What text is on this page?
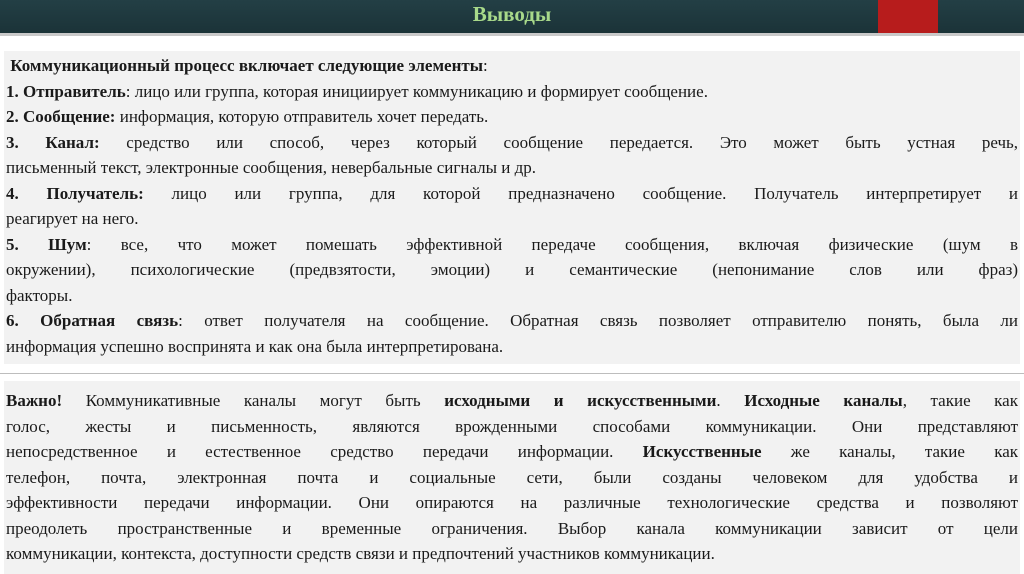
Выводы
Коммуникационный процесс включает следующие элементы:
1. Отправитель: лицо или группа, которая инициирует коммуникацию и формирует сообщение.
2. Сообщение: информация, которую отправитель хочет передать.
3. Канал: средство или способ, через который сообщение передается. Это может быть устная речь,
письменный текст, электронные сообщения, невербальные сигналы и др.
4. Получатель: лицо или группа, для которой предназначено сообщение. Получатель интерпретирует и
реагирует на него.
5. Шум: все, что может помешать эффективной передаче сообщения, включая физические (шум в
окружении), психологические (предвзятости, эмоции) и семантические (непонимание слов или фраз)
факторы.
6. Обратная связь: ответ получателя на сообщение. Обратная связь позволяет отправителю понять, была ли
информация успешно воспринята и как она была интерпретирована.
Важно! Коммуникативные каналы могут быть исходными и искусственными. Исходные каналы, такие как
голос, жесты и письменность, являются врожденными способами коммуникации. Они представляют
непосредственное и естественное средство передачи информации. Искусственные же каналы, такие как
телефон, почта, электронная почта и социальные сети, были созданы человеком для удобства и
эффективности передачи информации. Они опираются на различные технологические средства и позволяют
преодолеть пространственные и временные ограничения. Выбор канала коммуникации зависит от цели
коммуникации, контекста, доступности средств связи и предпочтений участников коммуникации.
